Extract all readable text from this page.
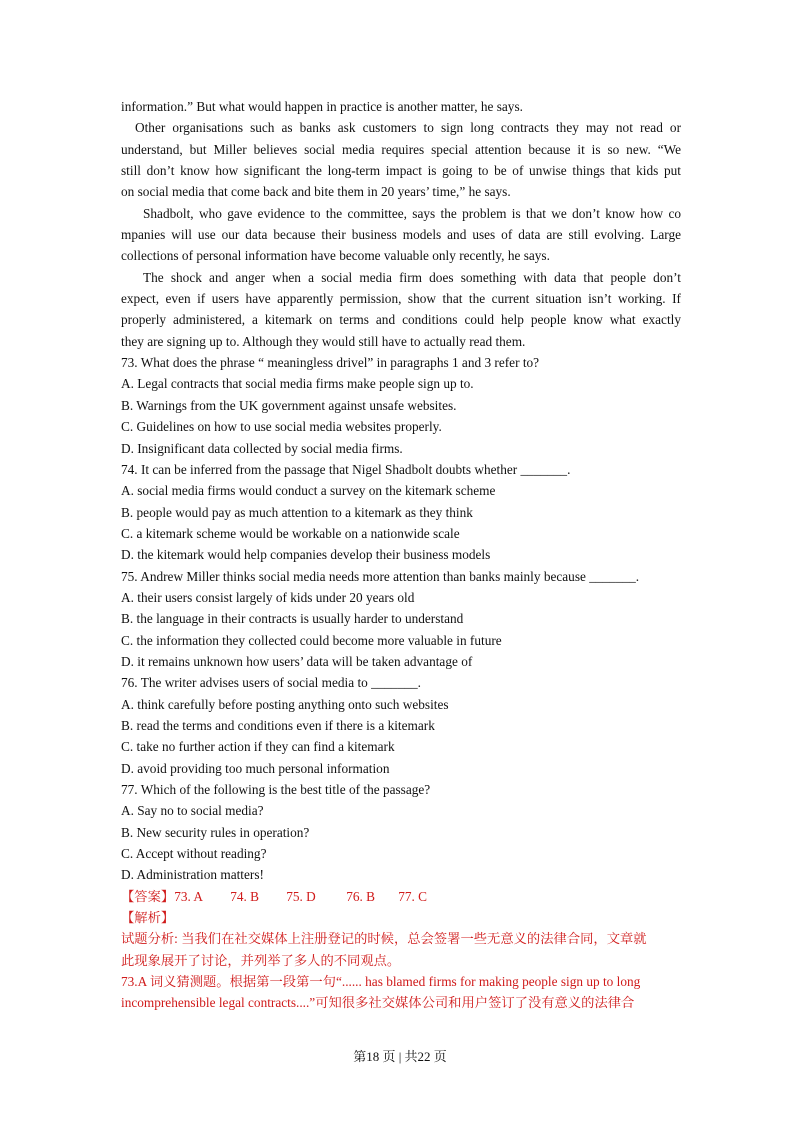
information.” But what would happen in practice is another matter, he says.
Other organisations such as banks ask customers to sign long contracts they may not read or
understand, but Miller believes social media requires special attention because it is so new. “We
still don’t know how significant the long-term impact is going to be of unwise things that kids put
on social media that come back and bite them in 20 years’ time,” he says.
Shadbolt, who gave evidence to the committee, says the problem is that we don’t know how co
mpanies will use our data because their business models and uses of data are still evolving. Large
collections of personal information have become valuable only recently, he says.
The shock and anger when a social media firm does something with data that people don’t
expect, even if users have apparently permission, show that the current situation isn’t working. If
properly administered, a kitemark on terms and conditions could help people know what exactly
they are signing up to. Although they would still have to actually read them.
73. What does the phrase “ meaningless drivel” in paragraphs 1 and 3 refer to?
A. Legal contracts that social media firms make people sign up to.
B. Warnings from the UK government against unsafe websites.
C. Guidelines on how to use social media websites properly.
D. Insignificant data collected by social media firms.
74. It can be inferred from the passage that Nigel Shadbolt doubts whether _______.
A. social media firms would conduct a survey on the kitemark scheme
B. people would pay as much attention to a kitemark as they think
C. a kitemark scheme would be workable on a nationwide scale
D. the kitemark would help companies develop their business models
75. Andrew Miller thinks social media needs more attention than banks mainly because _______.
A. their users consist largely of kids under 20 years old
B. the language in their contracts is usually harder to understand
C. the information they collected could become more valuable in future
D. it remains unknown how users’ data will be taken advantage of
76. The writer advises users of social media to _______.
A. think carefully before posting anything onto such websites
B. read the terms and conditions even if there is a kitemark
C. take no further action if they can find a kitemark
D. avoid providing too much personal information
77. Which of the following is the best title of the passage?
A. Say no to social media?
B. New security rules in operation?
C. Accept without reading?
D. Administration matters!
【答案】73. A 74. B 75. D 76. B 77. C
【解析】
试题分析: 当我们在社交媒体上注册登记的时候，总会签署一些无意义的法律合同，文章就
此现象展开了讨论，并列举了多人的不同观点。
73.A 词义猜测题。根据第一段第一句“...... has blamed firms for making people sign up to long
incomprehensible legal contracts....”可知很多社交媒体公司和用户签订了没有意义的法律合
第18 页 | 共22 页
